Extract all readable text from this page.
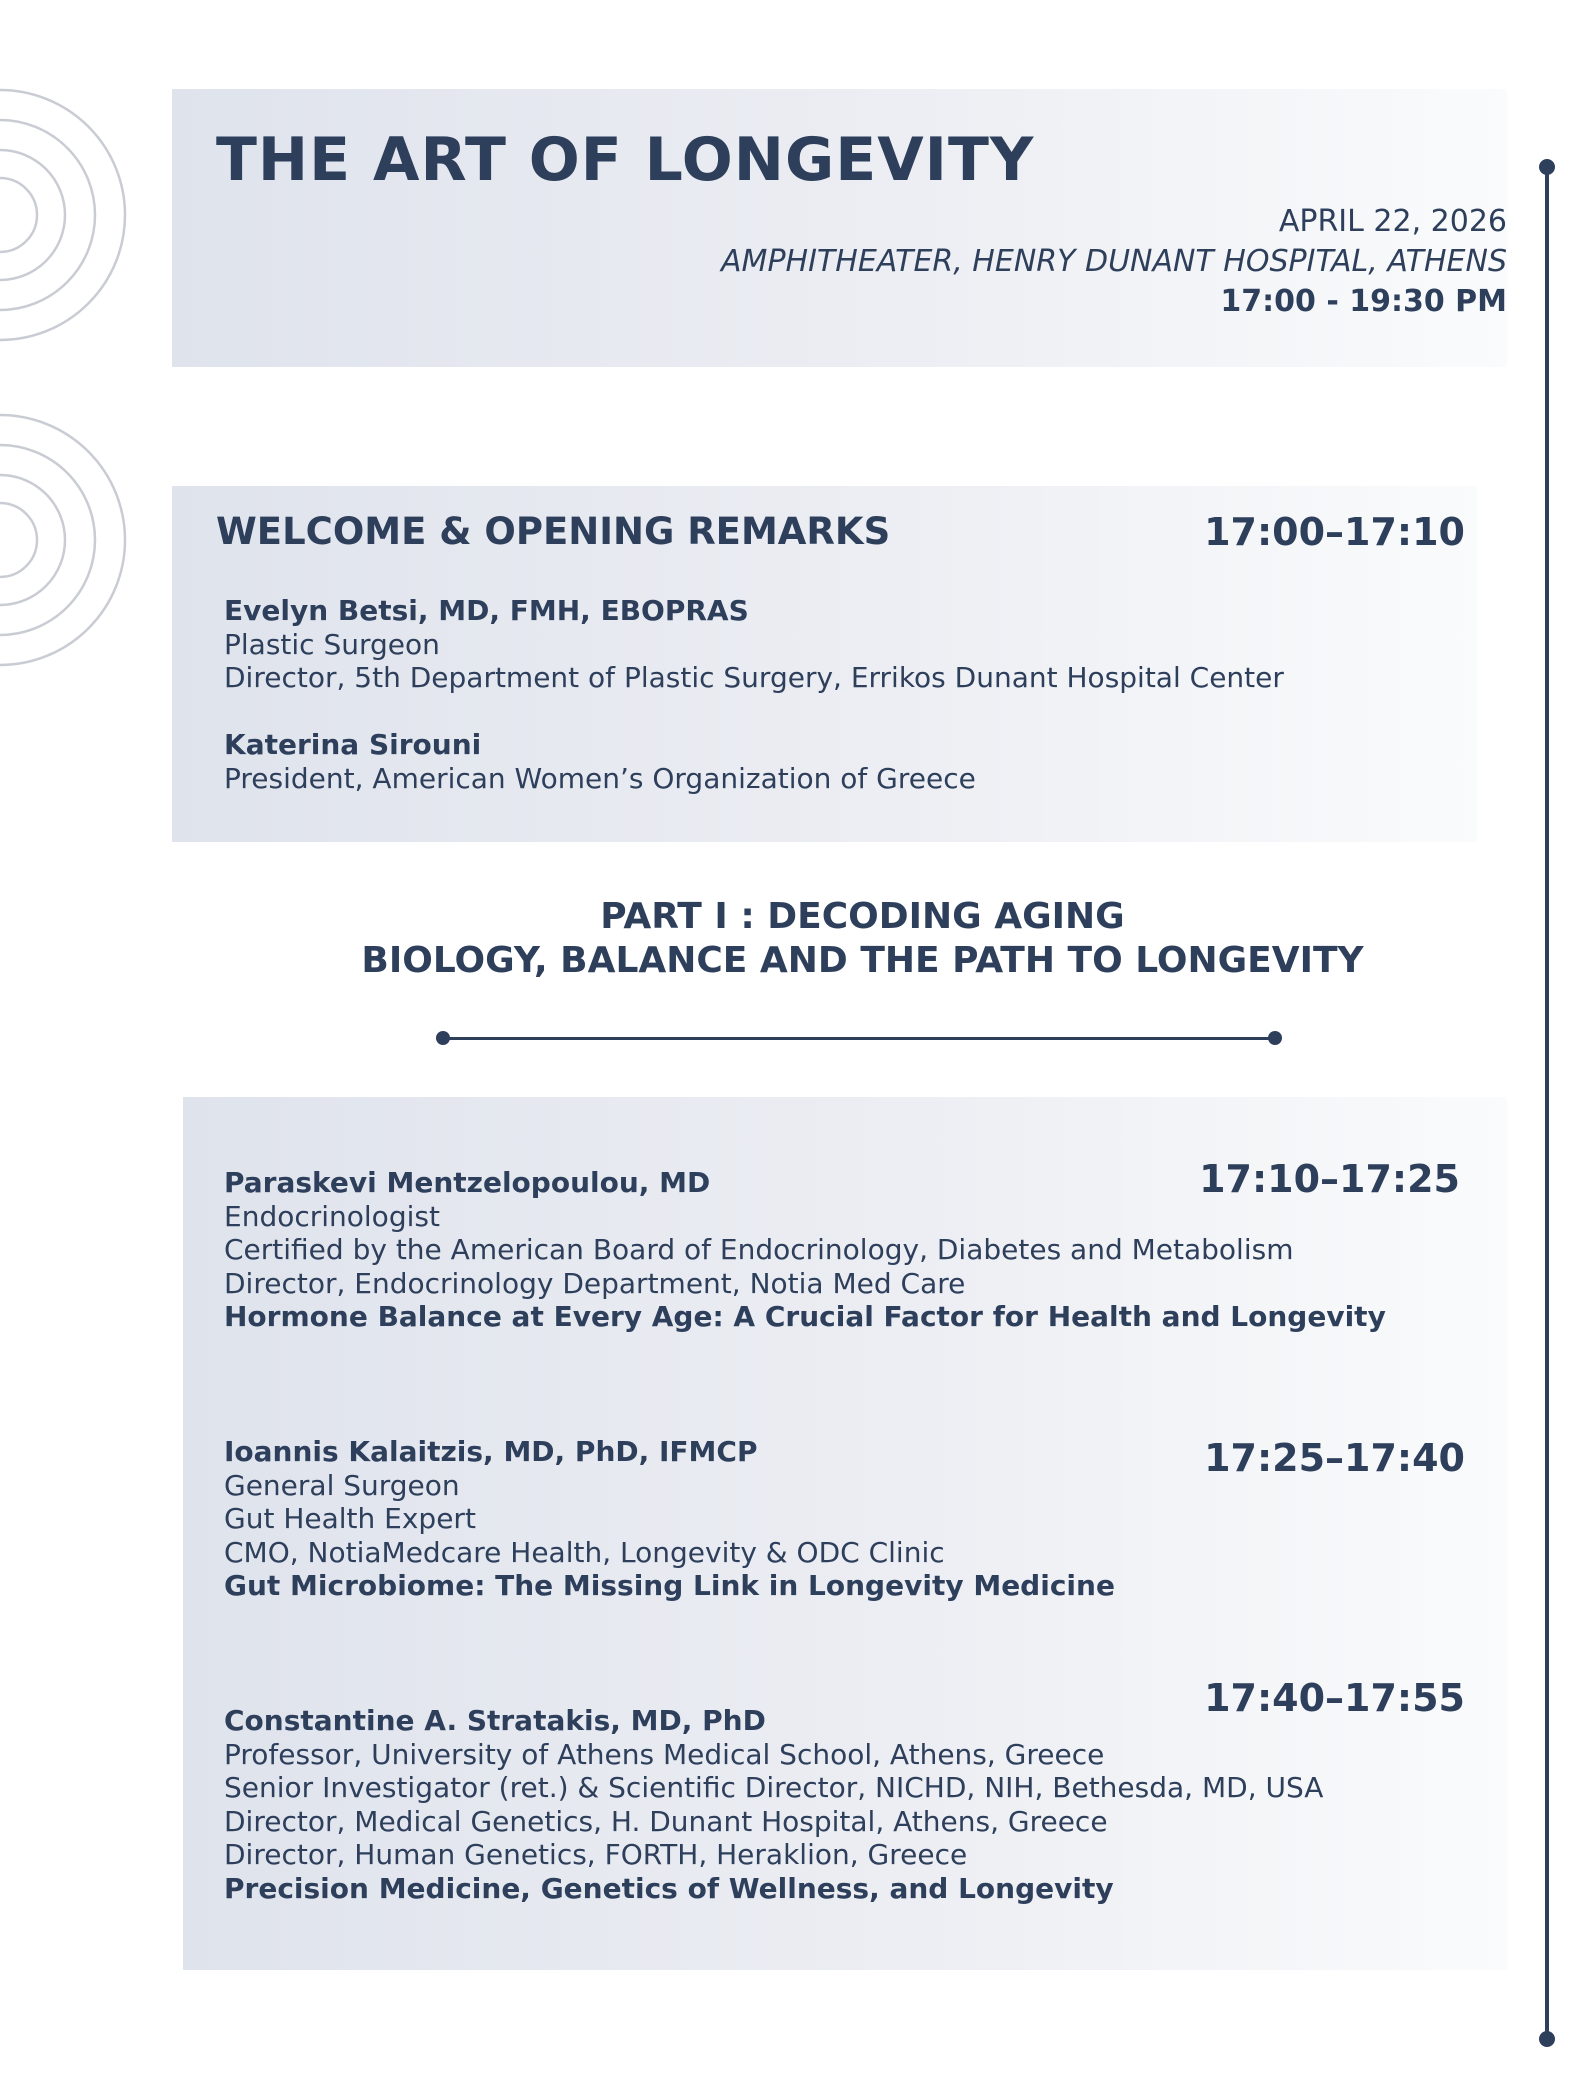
THE ART OF LONGEVITY
APRIL 22, 2026
AMPHITHEATER, HENRY DUNANT HOSPITAL, ATHENS
17:00 - 19:30 PM
WELCOME & OPENING REMARKS	17:00–17:10
Evelyn Betsi, MD, FMH, EBOPRAS
Plastic Surgeon
Director, 5th Department of Plastic Surgery, Errikos Dunant Hospital Center
Katerina Sirouni
President, American Women’s Organization of Greece
PART I : DECODING AGING
BIOLOGY, BALANCE AND THE PATH TO LONGEVITY
17:10–17:25
Paraskevi Mentzelopoulou, MD
Endocrinologist
Certified by the American Board of Endocrinology, Diabetes and Metabolism
Director, Endocrinology Department, Notia Med Care
Hormone Balance at Every Age: A Crucial Factor for Health and Longevity
17:25–17:40
Ioannis Kalaitzis, MD, PhD, IFMCP
General Surgeon
Gut Health Expert
CMO, NotiaMedcare Health, Longevity & ODC Clinic
Gut Microbiome: The Missing Link in Longevity Medicine
17:40–17:55
Constantine A. Stratakis, MD, PhD
Professor, University of Athens Medical School, Athens, Greece
Senior Investigator (ret.) & Scientific Director, NICHD, NIH, Bethesda, MD, USA
Director, Medical Genetics, H. Dunant Hospital, Athens, Greece
Director, Human Genetics, FORTH, Heraklion, Greece
Precision Medicine, Genetics of Wellness, and Longevity
